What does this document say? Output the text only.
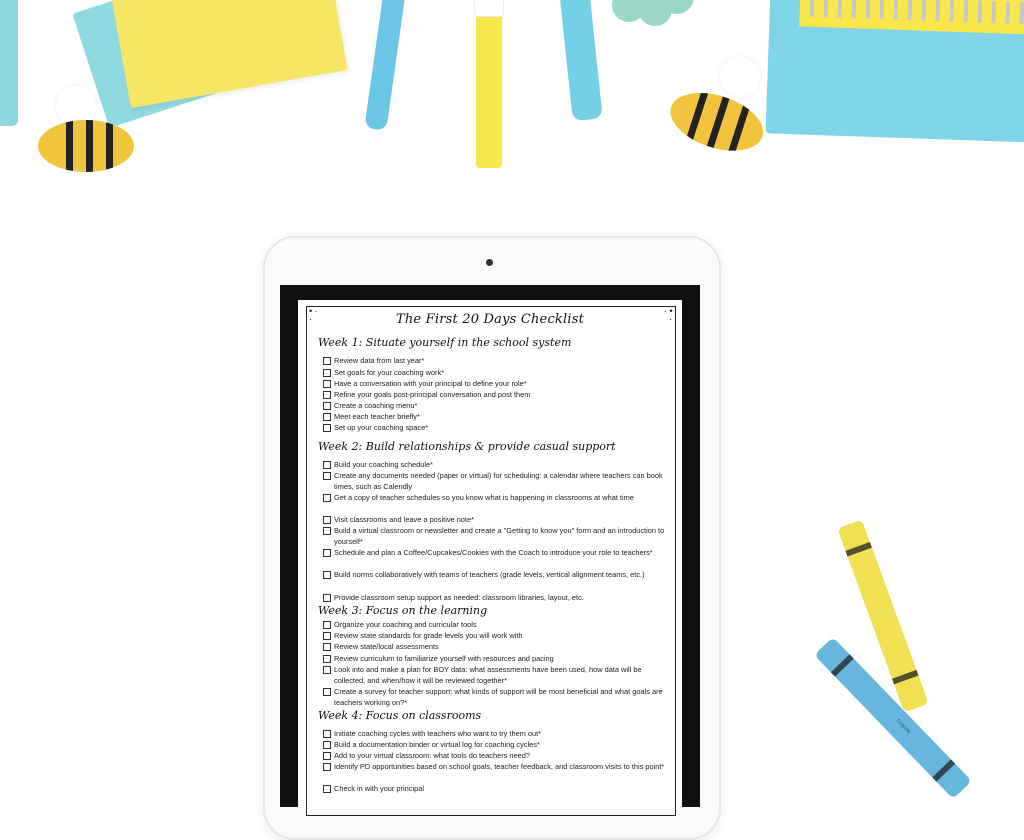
Crayola
• ·
·
· •
·
The First 20 Days Checklist
Week 1: Situate yourself in the school system
Review data from last year*
Set goals for your coaching work*
Have a conversation with your principal to define your role*
Refine your goals post-principal conversation and post them
Create a coaching menu*
Meet each teacher briefly*
Set up your coaching space*
Week 2: Build relationships & provide casual support
Build your coaching schedule*
Create any documents needed (paper or virtual) for scheduling: a calendar where teachers can book times, such as Calendly
Get a copy of teacher schedules so you know what is happening in classrooms at what time
Visit classrooms and leave a positive note*
Build a virtual classroom or newsletter and create a "Getting to know you" form and an introduction to yourself*
Schedule and plan a Coffee/Cupcakes/Cookies with the Coach to introduce your role to teachers*
Build norms collaboratively with teams of teachers (grade levels, vertical alignment teams, etc.)
Provide classroom setup support as needed: classroom libraries, layout, etc.
Week 3: Focus on the learning
Organize your coaching and curricular tools
Review state standards for grade levels you will work with
Review state/local assessments
Review curriculum to familiarize yourself with resources and pacing
Look into and make a plan for BOY data: what assessments have been used, how data will be collected, and when/how it will be reviewed together*
Create a survey for teacher support: what kinds of support will be most beneficial and what goals are teachers working on?*
Week 4: Focus on classrooms
Initiate coaching cycles with teachers who want to try them out*
Build a documentation binder or virtual log for coaching cycles*
Add to your virtual classroom: what tools do teachers need?
Identify PD opportunities based on school goals, teacher feedback, and classroom visits to this point*
Check in with your principal
